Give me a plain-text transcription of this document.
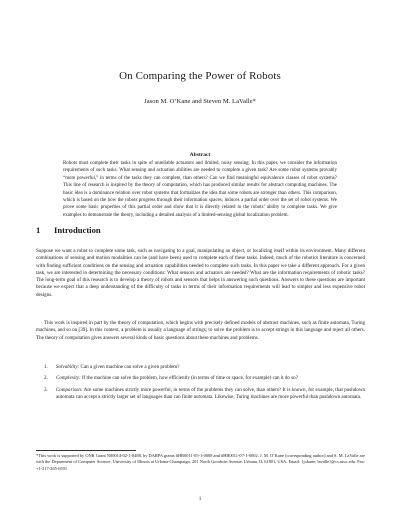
On Comparing the Power of Robots
Jason M. O’Kane and Steven M. LaValle*
Abstract

Robots must complete their tasks in spite of unreliable actuators and limited, noisy sensing. In this paper, we consider the information requirements of such tasks. What sensing and actuation abilities are needed to complete a given task? Are some robot systems provably “more powerful,” in terms of the tasks they can complete, than others? Can we find meaningful equivalence classes of robot systems? This line of research is inspired by the theory of computation, which has produced similar results for abstract computing machines. The basic idea is a dominance relation over robot systems that formalizes the idea that some robots are stronger than others. This comparison, which is based on the how the robots progress through their information spaces, induces a partial order over the set of robot systems. We prove some basic properties of this partial order and show that it is directly related to the robots’ ability to complete tasks. We give examples to demonstrate the theory, including a detailed analysis of a limited-sensing global localization problem.

1 Introduction

Suppose we want a robot to complete some task, such as navigating to a goal, manipulating an object, or localizing itself within its environment. Many different combinations of sensing and motion modalities can be (and have been) used to complete each of these tasks. Indeed, much of the robotics literature is concerned with finding sufficient conditions on the sensing and actuation capabilities needed to complete such tasks. In this paper we take a different approach. For a given task, we are interested in determining the necessary conditions: What sensors and actuators are needed? What are the information requirements of robotic tasks? The long-term goal of this research is to develop a theory of robots and sensors that helps in answering such questions. Answers to these questions are important because we expect that a deep understanding of the difficulty of tasks in terms of their information requirements will lead to simpler and less expensive robot designs.

This work is inspired in part by the theory of computation, which begins with precisely defined models of abstract machines, such as finite automata, Turing machines, and so on [39]. In this context, a problem is usually a language of strings; to solve the problem is to accept strings in this language and reject all others. The theory of computation gives answers several kinds of basic questions about these machines and problems.

1. Solvability: Can a given machine can solve a given problem?
2. Complexity: If the machine can solve the problem, how efficiently (in terms of time or space, for example) can it do so?
3. Comparison: Are some machines strictly more powerful, in terms of the problems they can solve, than others? It is known, for example, that pushdown automata can accept a strictly larger set of languages than can finite automata. Likewise, Turing machines are more powerful than pushdown automata.

*This work is supported by ONR Grant N00014-02-1-0488, by DARPA grants #HR0011-05-1-0008 and #HR0011-07-1-0002. J. M. O’Kane (corresponding author) and S. M. LaValle are with the Department of Computer Science, University of Illinois at Urbana-Champaign, 201 North Goodwin Avenue, Urbana, IL 61801, USA. Email: {jokane, lavalle}@cs.uiuc.edu. Fax: +1-217-265-6591

1
